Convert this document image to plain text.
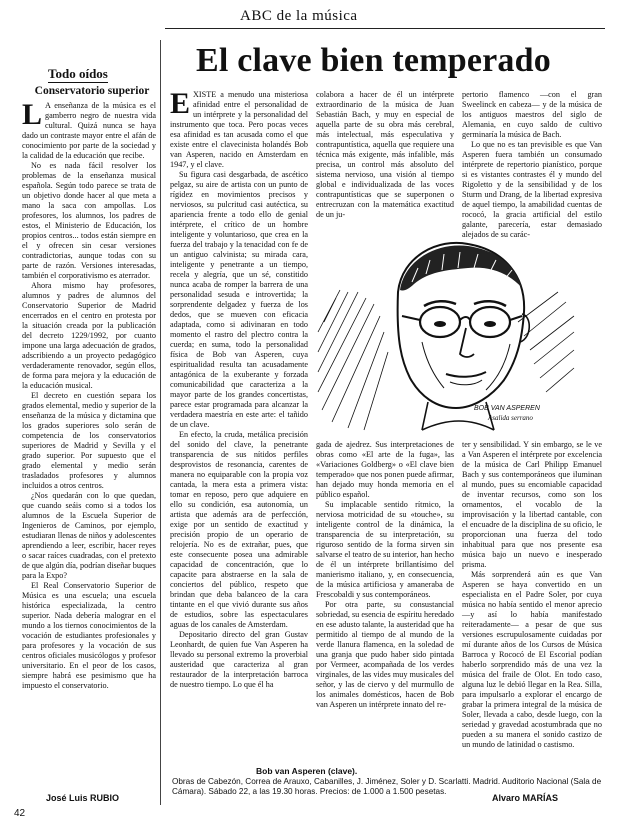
ABC de la música
El clave bien temperado
Todo oídos
Conservatorio superior

L A enseñanza de la música es el gamberro negro de nuestra vida cultural. Quizá nunca se haya dado un contraste mayor entre el afán de conocimiento por parte de la sociedad y la calidad de la educación que recibe.

No es nada fácil resolver los problemas de la enseñanza musical española. Según todo parece se trata de un objetivo donde hacer al que meta a mano la saca con ampollas. Los profesores, los alumnos, los padres de estos, el Ministerio de Educación, los propios centros... todos están siempre en el y ofrecen sin cesar versiones contradictorias, aunque todas con su parte de razón. Versiones interesadas, también el corporativismo es aterrador.

Ahora mismo hay profesores, alumnos y padres de alumnos del Conservatorio Superior de Madrid encerrados en el centro en protesta por la situación creada por la publicación del decreto 1229/1992, por cuanto impone una larga adecuación de grados, adscribiendo a un proyecto pedagógico verdaderamente renovador, según ellos, de forma para mejora y la educación de la educación musical.

El decreto en cuestión separa los grados elemental, medio y superior de la enseñanza de la música y dictamina que los grados superiores solo serán de competencia de los conservatorios superiores de Madrid y Sevilla y el grado superior. Por supuesto que el grado elemental y medio serán trasladados profesores y alumnos incluidos a otros centros.

¿Nos quedarán con lo que quedan, que cuando seáis como si a todos los alumnos de la Escuela Superior de Ingenieros de Caminos, por ejemplo, estudiaran llenas de niños y adolescentes aprendiendo a leer, escribir, hacer reyes o sacar raíces cuadradas, con el pretexto de que algún día, podrían diseñar buques para la Expo?

El Real Conservatorio Superior de Música es una escuela; una escuela histórica especializada, la centro superior. Nada debería malograr en el mundo a los tiernos conocimientos de la vocación de estudiantes profesionales y para profesores y la vocación de sus centros oficiales musicólogos y profesor universitario. En el peor de los casos, siempre habrá ese pesimismo que ha impuesto el conservatorio.

José Luis RUBIO
42

EXISTE a menudo una misteriosa afinidad entre el personalidad de un intérprete y la personalidad del instrumento que toca. Pero pocas veces esa afinidad es tan acusada como el que existe entre el clavecinista holandés Bob van Asperen, nacido en Amsterdam en 1947, y el clave.

Su figura casi desgarbada, de ascético pelgaz, su aire de artista con un punto de rígidez en movimientos precisos y nerviosos, su pulcritud casi autéctica, su apariencia frente a todo ello de genial intérprete, el crítico de un hombre inteligente y voluntarioso, que crea en la fuerza del trabajo y la tenacidad con fe de un antiguo calvinista; su mirada cara, inteligente y penetrante a un tiempo, recela y alegría, que un sé, constitido nunca acaba de romper la barrera de una personalidad sesuda e introvertida; la sorprendente delgadez y fuerza de los dedos, que se mueven con eficacia adaptada, como si adivinaran en todo momento el rastro del plectro contra la cuerda; en suma, todo la personalidad física de Bob van Asperen, cuya espiritualidad resulta tan acusadamente antagónica de la exuberante y forzada comunicabilidad que caracteriza a la mayor parte de los grandes concertistas, parece estar programada para alcanzar la verdadera maestría en este arte: el tañido de un clave.

En efecto, la cruda, metálica precisión del sonido del clave, la penetrante transparencia de sus nítidos perfiles desprovistos de resonancia, carentes de manera no equiparable con la propia voz cantada, la mera esta a primera vista: tomar en reposo, pero que adquiere en ello su condición, esa autonomía, un artista que además ara de perfección, exige por un sentido de exactitud y precisión propio de un operario de relojería. No es de extrañar, pues, que este consecuente posea una admirable capacidad de concentración, que lo capacite para abstraerse en la sala de conciertos del público, respeto que brindan que deba balanceo de la cara tintante en el que vivió durante sus años de estudios, sobre las espectaculares aguas de los canales de Amsterdam.

Depositario directo del gran Gustav Leonhardt, de quien fue Van Asperen ha llevado su personal extremo la proverbial austeridad que caracteriza al gran restaurador de la interpretación barroca de nuestro tiempo. Lo que él ha

colabora a hacer de él un intérprete extraordinario de la música de Juan Sebastián Bach, y muy en especial de aquella parte de su obra más cerebral, más intelectual, más especulativa y contrapuntística, aquella que requiere una técnica más exigente, más infalible, más precisa, un control más absoluto del sistema nervioso, una visión al tiempo global e individualizada de las voces contrapuntísticas que se superponen o entrecruzan con la matemática exactitud de un ju-

gada de ajedrez. Sus interpretaciones de obras como «El arte de la fuga», las «Variaciones Goldberg» o «El clave bien temperado» que nos ponen puede afirmar, han dejado muy honda memoria en el público español.

Su implacable sentido rítmico, la nerviosa motricidad de su «touche», su inteligente control de la dinámica, la transparencia de su interpretación, su riguroso sentido de la forma sirven sin salvarse el teatro de su interior, han hecho de él un intérprete brillantísimo del manierismo italiano, y, en consecuencia, de la música artificiosa y amaneraba de Frescobaldi y sus contemporáneos.

Por otra parte, su consustancial sobriedad, su esencia de espíritu heredado en ese adusto talante, la austeridad que ha permitido al tiempo de al mundo de la verde llanura flamenca, en la soledad de una granja que pudo haber sido pintada por Vermeer, acompañada de los verdes virginales, de las vides muy musicales del señor, y las de ciervo y del murmullo de los animales domésticos, hacen de Bob van Asperen un intérprete innato del re-

pertorio flamenco —con el gran Sweelinck en cabeza— y de la música de los antiguos maestros del siglo de Alemania, en cuyo saldo de cultivo germinaría la música de Bach.

Lo que no es tan previsible es que Van Asperen fuera también un consumado intérprete de repertorio pianístico, porque si es vistantes contrastes él y mundo del Rigoletto y de la sensibilidad y de los Sturm und Drang, de la libertad expresiva de aquel tiempo, la amabilidad cuentas de rococó, la gracia artificial del estilo galante, parecería, estar demasiado alejados de su carác-

ter y sensibilidad. Y sin embargo, se le ve a Van Asperen el intérprete por excelencia de la música de Carl Philipp Emanuel Bach y sus contemporáneos que iluminan al mundo, pues su encomiable capacidad de inventar recursos, como son los ornamentos, el vocablo de la improvisación y la libertad cantable, con el encuadre de la disciplina de su oficio, le proporcionan una fuerza del todo inhabitual para que nos presente esa música bajo un nuevo e inesperado prisma.

Más sorprenderá aún es que Van Asperen se haya convertido en un especialista en el Padre Soler, por cuya música no había sentido el menor aprecio —y así lo había manifestado reiteradamente— a pesar de que sus versiones escrupulosamente cuidadas por mí durante años de los Cursos de Música Barroca y Rococó de El Escorial podían haberlo sorprendido más de una vez la música del fraile de Olot. En todo caso, alguna luz le debió llegar en la Rea. Silla, para impulsarlo a explorar el encargo de grabar la primera integral de la música de Soler, llevada a cabo, desde luego, con la seriedad y gravedad acostumbrada que no pueden a su manera el sonido castizo de un mundo de latinidad o castismo.

BOB VAN ASPEREN
Asalida serrano
Bob van Asperen (clave).
Obras de Cabezón, Correa de Arauxo, Cabanilles, J. Jiménez, Soler y D. Scarlatti. Madrid. Auditorio Nacional (Sala de Cámara). Sábado 22, a las 19.30 horas. Precios: de 1.000 a 1.500 pesetas.
Alvaro MARÍAS
